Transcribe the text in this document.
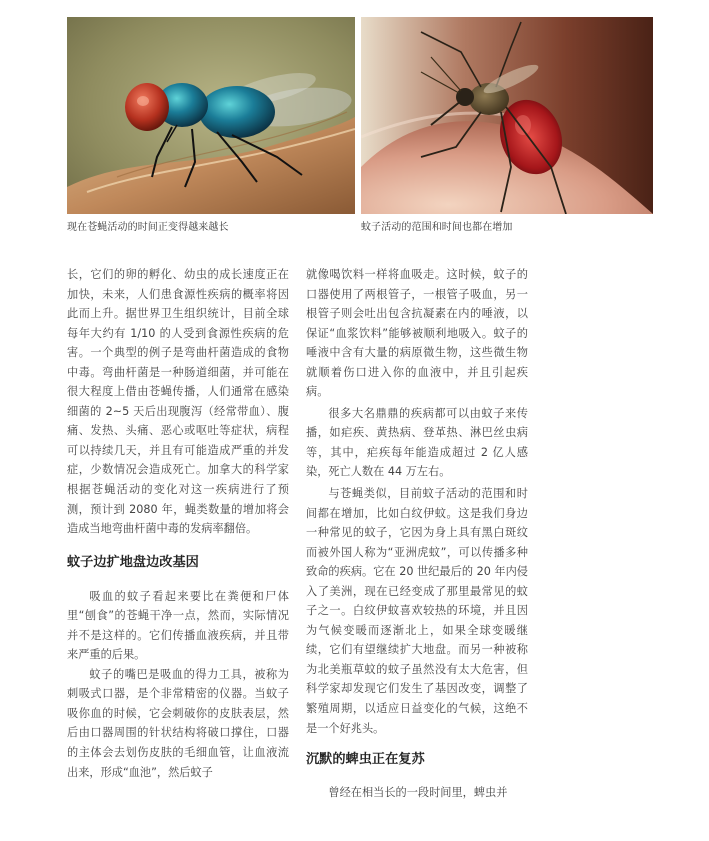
现在苍蝇活动的时间正变得越来越长	蚊子活动的范围和时间也都在增加

长，它们的卵的孵化、幼虫的成长速度正在加快，未来，人们患食源性疾病的概率将因此而上升。据世界卫生组织统计，目前全球每年大约有 1/10 的人受到食源性疾病的危害。一个典型的例子是弯曲杆菌造成的食物中毒。弯曲杆菌是一种肠道细菌，并可能在很大程度上借由苍蝇传播，人们通常在感染细菌的 2~5 天后出现腹泻（经常带血）、腹痛、发热、头痛、恶心或呕吐等症状，病程可以持续几天，并且有可能造成严重的并发症，少数情况会造成死亡。加拿大的科学家根据苍蝇活动的变化对这一疾病进行了预测，预计到 2080 年，蝇类数量的增加将会造成当地弯曲杆菌中毒的发病率翻倍。

蚊子边扩地盘边改基因

吸血的蚊子看起来要比在粪便和尸体里“刨食”的苍蝇干净一点，然而，实际情况并不是这样的。它们传播血液疾病，并且带来严重的后果。

蚊子的嘴巴是吸血的得力工具，被称为刺吸式口器，是个非常精密的仪器。当蚊子吸你血的时候，它会刺破你的皮肤表层，然后由口器周围的针状结构将破口撑住，口器的主体会去划伤皮肤的毛细血管，让血液流出来，形成“血池”，然后蚊子

就像喝饮料一样将血吸走。这时候，蚊子的口器使用了两根管子，一根管子吸血，另一根管子则会吐出包含抗凝素在内的唾液，以保证“血浆饮料”能够被顺利地吸入。蚊子的唾液中含有大量的病原微生物，这些微生物就顺着伤口进入你的血液中，并且引起疾病。

很多大名鼎鼎的疾病都可以由蚊子来传播，如疟疾、黄热病、登革热、淋巴丝虫病等，其中，疟疾每年能造成超过 2 亿人感染，死亡人数在 44 万左右。

与苍蝇类似，目前蚊子活动的范围和时间都在增加，比如白纹伊蚊。这是我们身边一种常见的蚊子，它因为身上具有黑白斑纹而被外国人称为“亚洲虎蚊”，可以传播多种致命的疾病。它在 20 世纪最后的 20 年内侵入了美洲，现在已经变成了那里最常见的蚊子之一。白纹伊蚊喜欢较热的环境，并且因为气候变暖而逐渐北上，如果全球变暖继续，它们有望继续扩大地盘。而另一种被称为北美瓶草蚊的蚊子虽然没有太大危害，但科学家却发现它们发生了基因改变，调整了繁殖周期，以适应日益变化的气候，这绝不是一个好兆头。

沉默的蜱虫正在复苏

曾经在相当长的一段时间里，蜱虫并
